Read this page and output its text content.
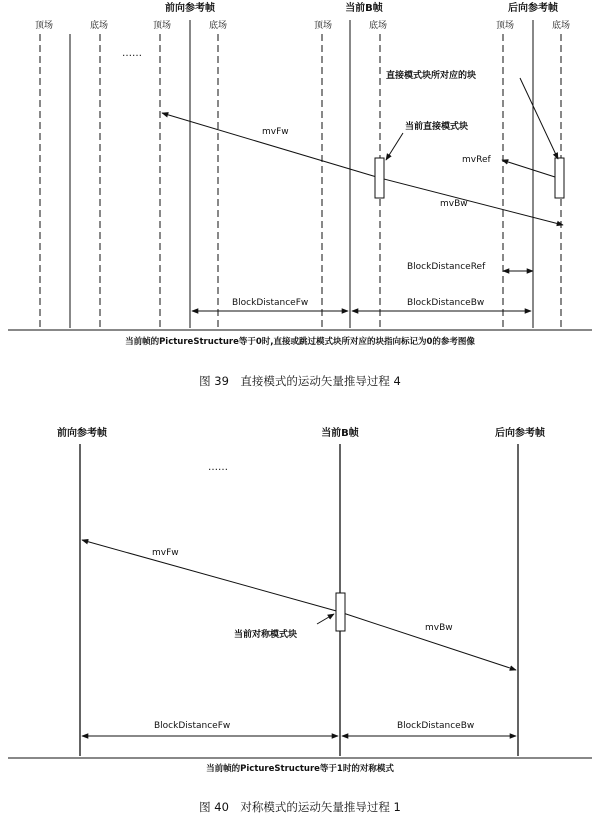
前向参考帧	当前B帧	后向参考帧
顶场	底场	顶场	底场	顶场	底场	顶场	底场
……
mvFw
mvBw
当前直接模式块
直接模式块所对应的块
mvRef
BlockDistanceRef
BlockDistanceFw	BlockDistanceBw
当前帧的PictureStructure等于0时,直接或跳过模式块所对应的块指向标记为0的参考图像
图 39　直接模式的运动矢量推导过程 4
前向参考帧	当前B帧	后向参考帧
……
mvFw
mvBw
当前对称模式块
BlockDistanceFw	BlockDistanceBw
当前帧的PictureStructure等于1时的对称模式
图 40　对称模式的运动矢量推导过程 1
